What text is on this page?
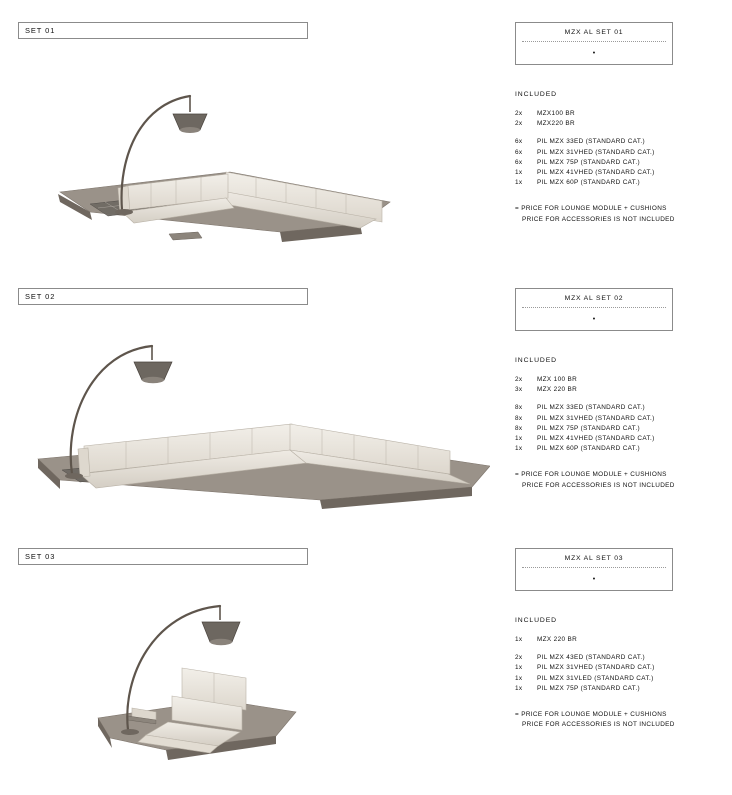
SET 01	MZX AL SET 01
•
INCLUDED
2x	MZX100 BR
2x	MZX220 BR
6x	PIL MZX 33ED (STANDARD CAT.)
6x	PIL MZX 31VHED (STANDARD CAT.)
6x	PIL MZX 75P (STANDARD CAT.)
1x	PIL MZX 41VHED (STANDARD CAT.)
1x	PIL MZX 60P (STANDARD CAT.)
= PRICE FOR LOUNGE MODULE + CUSHIONS
PRICE FOR ACCESSORIES IS NOT INCLUDED
SET 02	MZX AL SET 02
•
INCLUDED
2x	MZX 100 BR
3x	MZX 220 BR
8x	PIL MZX 33ED (STANDARD CAT.)
8x	PIL MZX 31VHED (STANDARD CAT.)
8x	PIL MZX 75P (STANDARD CAT.)
1x	PIL MZX 41VHED (STANDARD CAT.)
1x	PIL MZX 60P (STANDARD CAT.)
= PRICE FOR LOUNGE MODULE + CUSHIONS
PRICE FOR ACCESSORIES IS NOT INCLUDED
SET 03	MZX AL SET 03
•
INCLUDED
1x	MZX 220 BR
2x	PIL MZX 43ED (STANDARD CAT.)
1x	PIL MZX 31VHED (STANDARD CAT.)
1x	PIL MZX 31VLED (STANDARD CAT.)
1x	PIL MZX 75P (STANDARD CAT.)
= PRICE FOR LOUNGE MODULE + CUSHIONS
PRICE FOR ACCESSORIES IS NOT INCLUDED
